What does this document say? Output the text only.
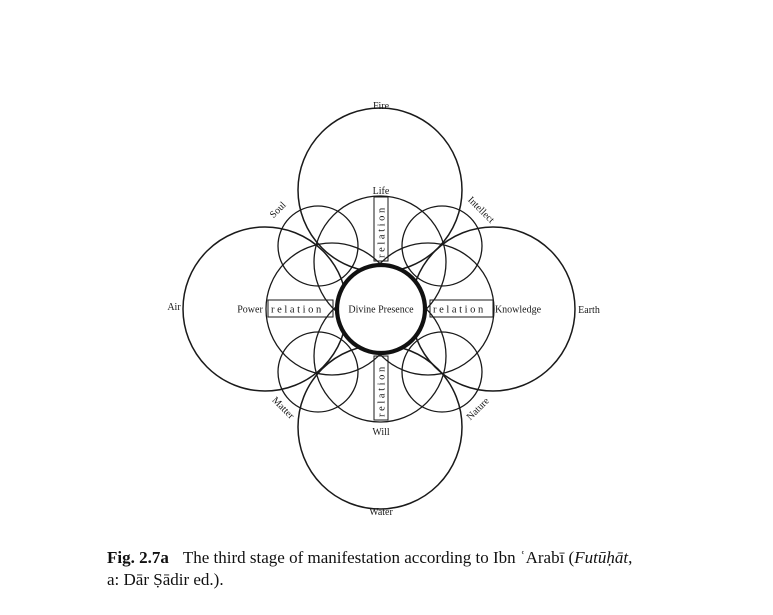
Divine Presence
relation	relation
relation
relation
Life
Power	Knowledge
Will
Fire
Air	Earth
Water
Soul	Intellect
Matter	Nature
Fig. 2.7a The third stage of manifestation according to Ibn ʿArabī (Futūḥāt,
a: Dār Ṣādir ed.).
